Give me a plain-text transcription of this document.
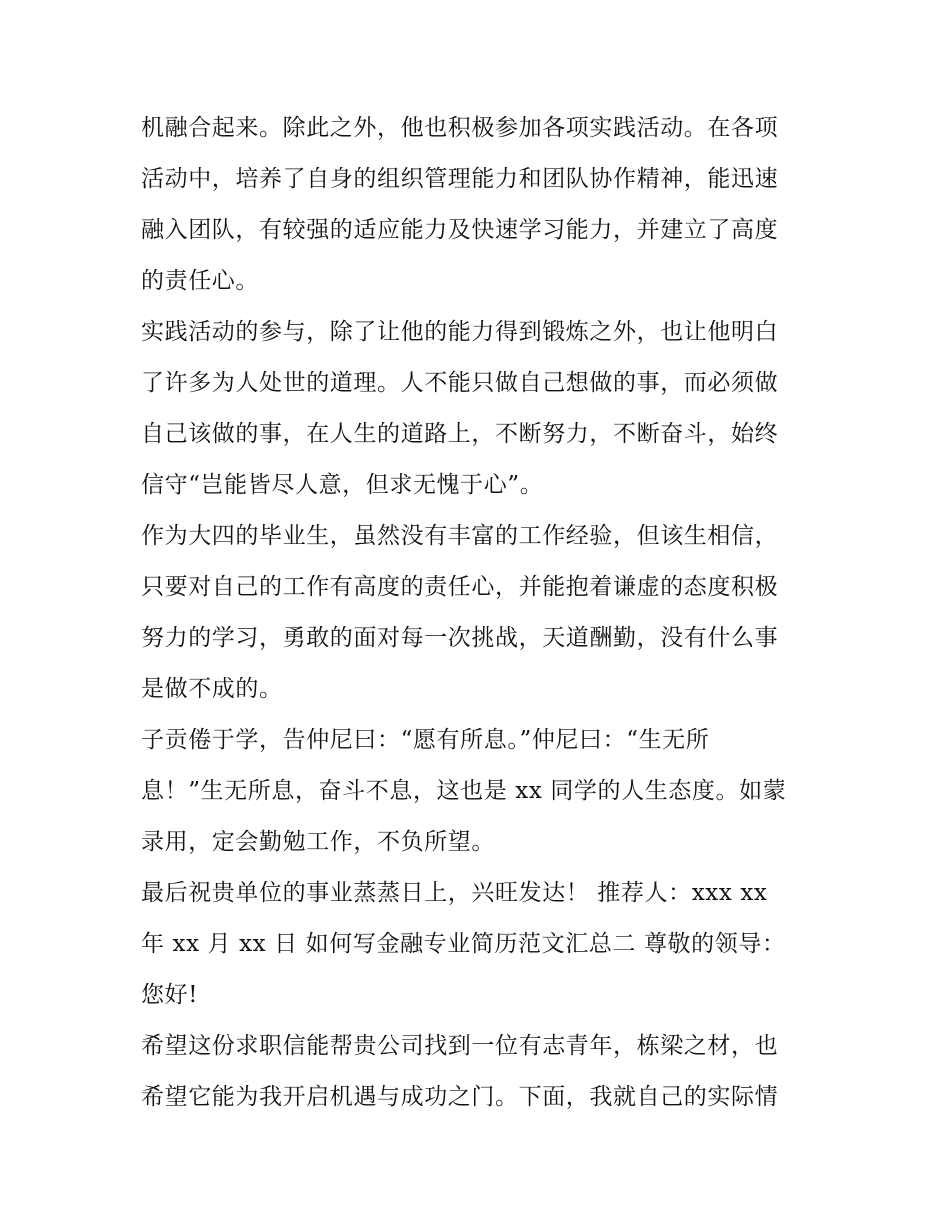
机融合起来。除此之外，他也积极参加各项实践活动。在各项
活动中，培养了自身的组织管理能力和团队协作精神，能迅速
融入团队，有较强的适应能力及快速学习能力，并建立了高度
的责任心。
实践活动的参与，除了让他的能力得到锻炼之外，也让他明白
了许多为人处世的道理。人不能只做自己想做的事，而必须做
自己该做的事，在人生的道路上，不断努力，不断奋斗，始终
信守“岂能皆尽人意，但求无愧于心”。
作为大四的毕业生，虽然没有丰富的工作经验，但该生相信，
只要对自己的工作有高度的责任心，并能抱着谦虚的态度积极
努力的学习，勇敢的面对每一次挑战，天道酬勤，没有什么事
是做不成的。
子贡倦于学，告仲尼曰：“愿有所息。”仲尼曰：“生无所
息！”生无所息，奋斗不息，这也是 xx 同学的人生态度。如蒙
录用，定会勤勉工作，不负所望。
最后祝贵单位的事业蒸蒸日上，兴旺发达！ 推荐人：xxx xx
年 xx 月 xx 日 如何写金融专业简历范文汇总二 尊敬的领导：
您好!
希望这份求职信能帮贵公司找到一位有志青年，栋梁之材，也
希望它能为我开启机遇与成功之门。下面，我就自己的实际情
